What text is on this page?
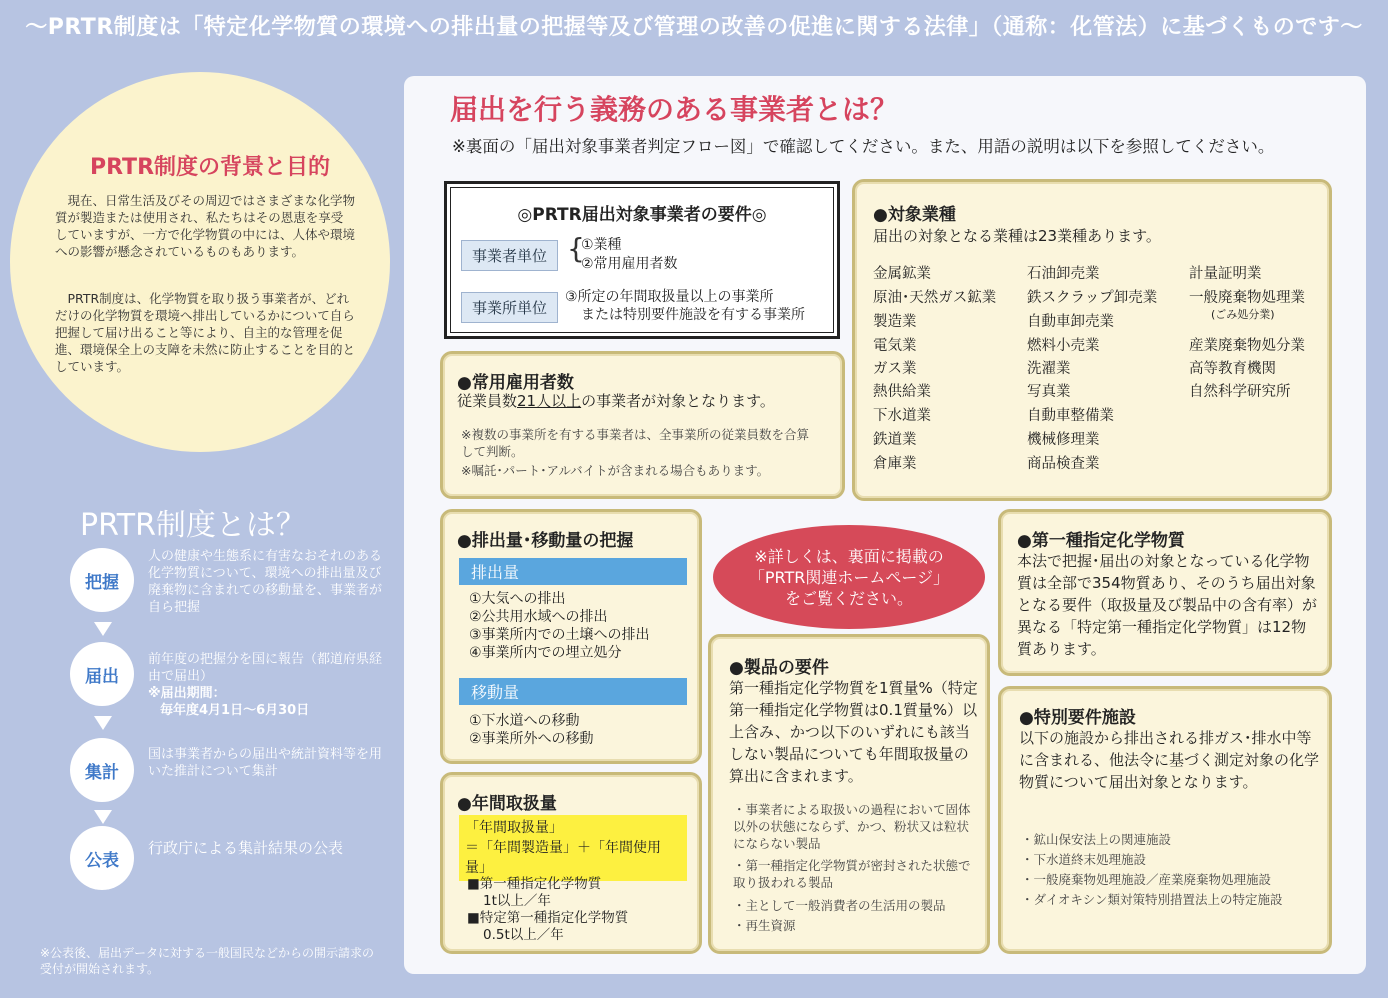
〜PRTR制度は「特定化学物質の環境への排出量の把握等及び管理の改善の促進に関する法律」（通称：化管法）に基づくものです〜
PRTR制度の背景と目的
現在、日常生活及びその周辺ではさまざまな化学物質が製造または使用され、私たちはその恩恵を享受していますが、一方で化学物質の中には、人体や環境への影響が懸念されているものもあります。
PRTR制度は、化学物質を取り扱う事業者が、どれだけの化学物質を環境へ排出しているかについて自ら把握して届け出ること等により、自主的な管理を促進、環境保全上の支障を未然に防止することを目的としています。
PRTR制度とは？
把握
届出
集計
公表
人の健康や生態系に有害なおそれのある化学物質について、環境への排出量及び廃棄物に含まれての移動量を、事業者が自ら把握
前年度の把握分を国に報告（都道府県経由で届出）
※届出期間：
毎年度4月1日〜6月30日
国は事業者からの届出や統計資料等を用いた推計について集計
行政庁による集計結果の公表
※公表後、届出データに対する一般国民などからの開示請求の受付が開始されます。
届出を行う義務のある事業者とは？
※裏面の「届出対象事業者判定フロー図」で確認してください。また、用語の説明は以下を参照してください。
◎PRTR届出対象事業者の要件◎
事業者単位 {
①業種
②常用雇用者数
事業所単位
③所定の年間取扱量以上の事業所
または特別要件施設を有する事業所
●対象業種
届出の対象となる業種は23業種あります。
金属鉱業
原油･天然ガス鉱業
製造業
電気業
ガス業
熱供給業
下水道業
鉄道業
倉庫業
石油卸売業
鉄スクラップ卸売業
自動車卸売業
燃料小売業
洗濯業
写真業
自動車整備業
機械修理業
商品検査業
計量証明業
一般廃棄物処理業
(ごみ処分業)
産業廃棄物処分業
高等教育機関
自然科学研究所
●常用雇用者数
従業員数21人以上の事業者が対象となります。
※複数の事業所を有する事業者は、全事業所の従業員数を合算して判断。
※嘱託･パート･アルバイトが含まれる場合もあります。
●排出量･移動量の把握
排出量
①大気への排出
②公共用水域への排出
③事業所内での土壌への排出
④事業所内での埋立処分
移動量
①下水道への移動
②事業所外への移動
※詳しくは、裏面に掲載の
「PRTR関連ホームページ」
をご覧ください。
●第一種指定化学物質
本法で把握･届出の対象となっている化学物質は全部で354物質あり、そのうち届出対象となる要件（取扱量及び製品中の含有率）が異なる「特定第一種指定化学物質」は12物質あります。
●製品の要件
第一種指定化学物質を1質量%（特定第一種指定化学物質は0.1質量%）以上含み、かつ以下のいずれにも該当しない製品についても年間取扱量の算出に含まれます。
・事業者による取扱いの過程において固体以外の状態にならず、かつ、粉状又は粒状にならない製品
・第一種指定化学物質が密封された状態で取り扱われる製品
・主として一般消費者の生活用の製品
・再生資源
●年間取扱量
「年間取扱量」
＝「年間製造量」＋「年間使用量」
■第一種指定化学物質
1t以上／年
■特定第一種指定化学物質
0.5t以上／年
●特別要件施設
以下の施設から排出される排ガス･排水中等に含まれる、他法令に基づく測定対象の化学物質について届出対象となります。
・鉱山保安法上の関連施設
・下水道終末処理施設
・一般廃棄物処理施設／産業廃棄物処理施設
・ダイオキシン類対策特別措置法上の特定施設
